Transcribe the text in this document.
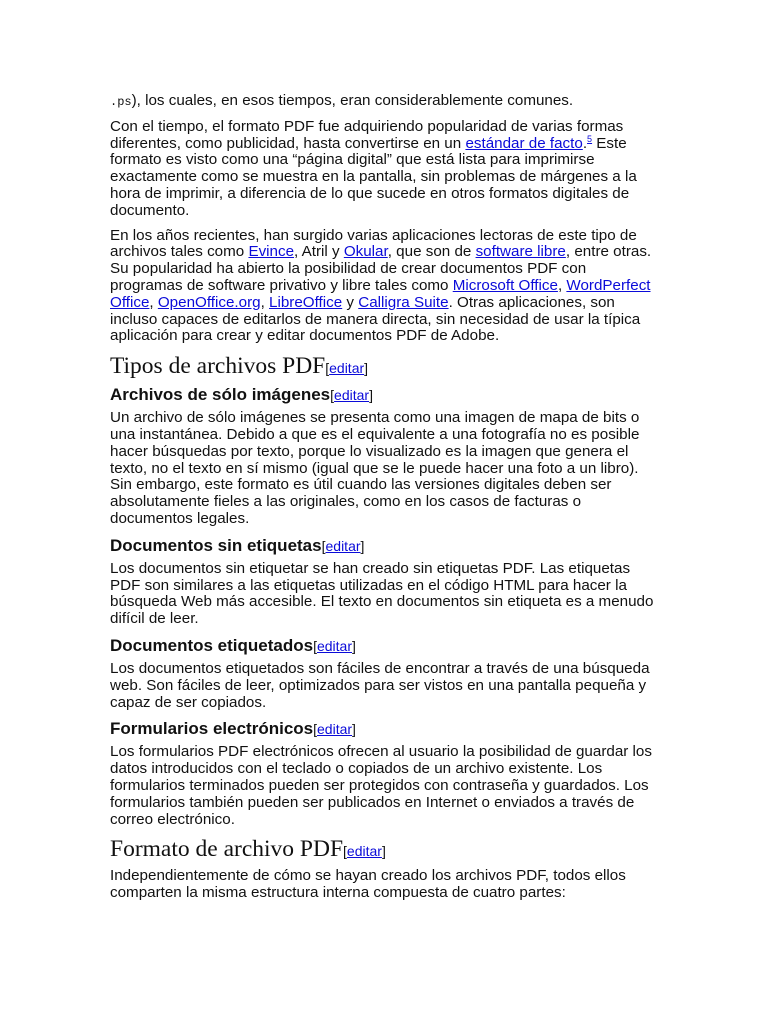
.ps), los cuales, en esos tiempos, eran considerablemente comunes.

Con el tiempo, el formato PDF fue adquiriendo popularidad de varias formas diferentes, como publicidad, hasta convertirse en un estándar de facto.$^5$ Este formato es visto como una “página digital” que está lista para imprimirse exactamente como se muestra en la pantalla, sin problemas de márgenes a la hora de imprimir, a diferencia de lo que sucede en otros formatos digitales de documento.

En los años recientes, han surgido varias aplicaciones lectoras de este tipo de archivos tales como Evince, Atril y Okular, que son de software libre, entre otras. Su popularidad ha abierto la posibilidad de crear documentos PDF con programas de software privativo y libre tales como Microsoft Office, WordPerfect Office, OpenOffice.org, LibreOffice y Calligra Suite. Otras aplicaciones, son incluso capaces de editarlos de manera directa, sin necesidad de usar la típica aplicación para crear y editar documentos PDF de Adobe.

Tipos de archivos PDF[editar]
Archivos de sólo imágenes[editar]

Un archivo de sólo imágenes se presenta como una imagen de mapa de bits o una instantánea. Debido a que es el equivalente a una fotografía no es posible hacer búsquedas por texto, porque lo visualizado es la imagen que genera el texto, no el texto en sí mismo (igual que se le puede hacer una foto a un libro). Sin embargo, este formato es útil cuando las versiones digitales deben ser absolutamente fieles a las originales, como en los casos de facturas o documentos legales.

Documentos sin etiquetas[editar]

Los documentos sin etiquetar se han creado sin etiquetas PDF. Las etiquetas PDF son similares a las etiquetas utilizadas en el código HTML para hacer la búsqueda Web más accesible. El texto en documentos sin etiqueta es a menudo difícil de leer.

Documentos etiquetados[editar]

Los documentos etiquetados son fáciles de encontrar a través de una búsqueda web. Son fáciles de leer, optimizados para ser vistos en una pantalla pequeña y capaz de ser copiados.

Formularios electrónicos[editar]

Los formularios PDF electrónicos ofrecen al usuario la posibilidad de guardar los datos introducidos con el teclado o copiados de un archivo existente. Los formularios terminados pueden ser protegidos con contraseña y guardados. Los formularios también pueden ser publicados en Internet o enviados a través de correo electrónico.

Formato de archivo PDF[editar]

Independientemente de cómo se hayan creado los archivos PDF, todos ellos comparten la misma estructura interna compuesta de cuatro partes:
